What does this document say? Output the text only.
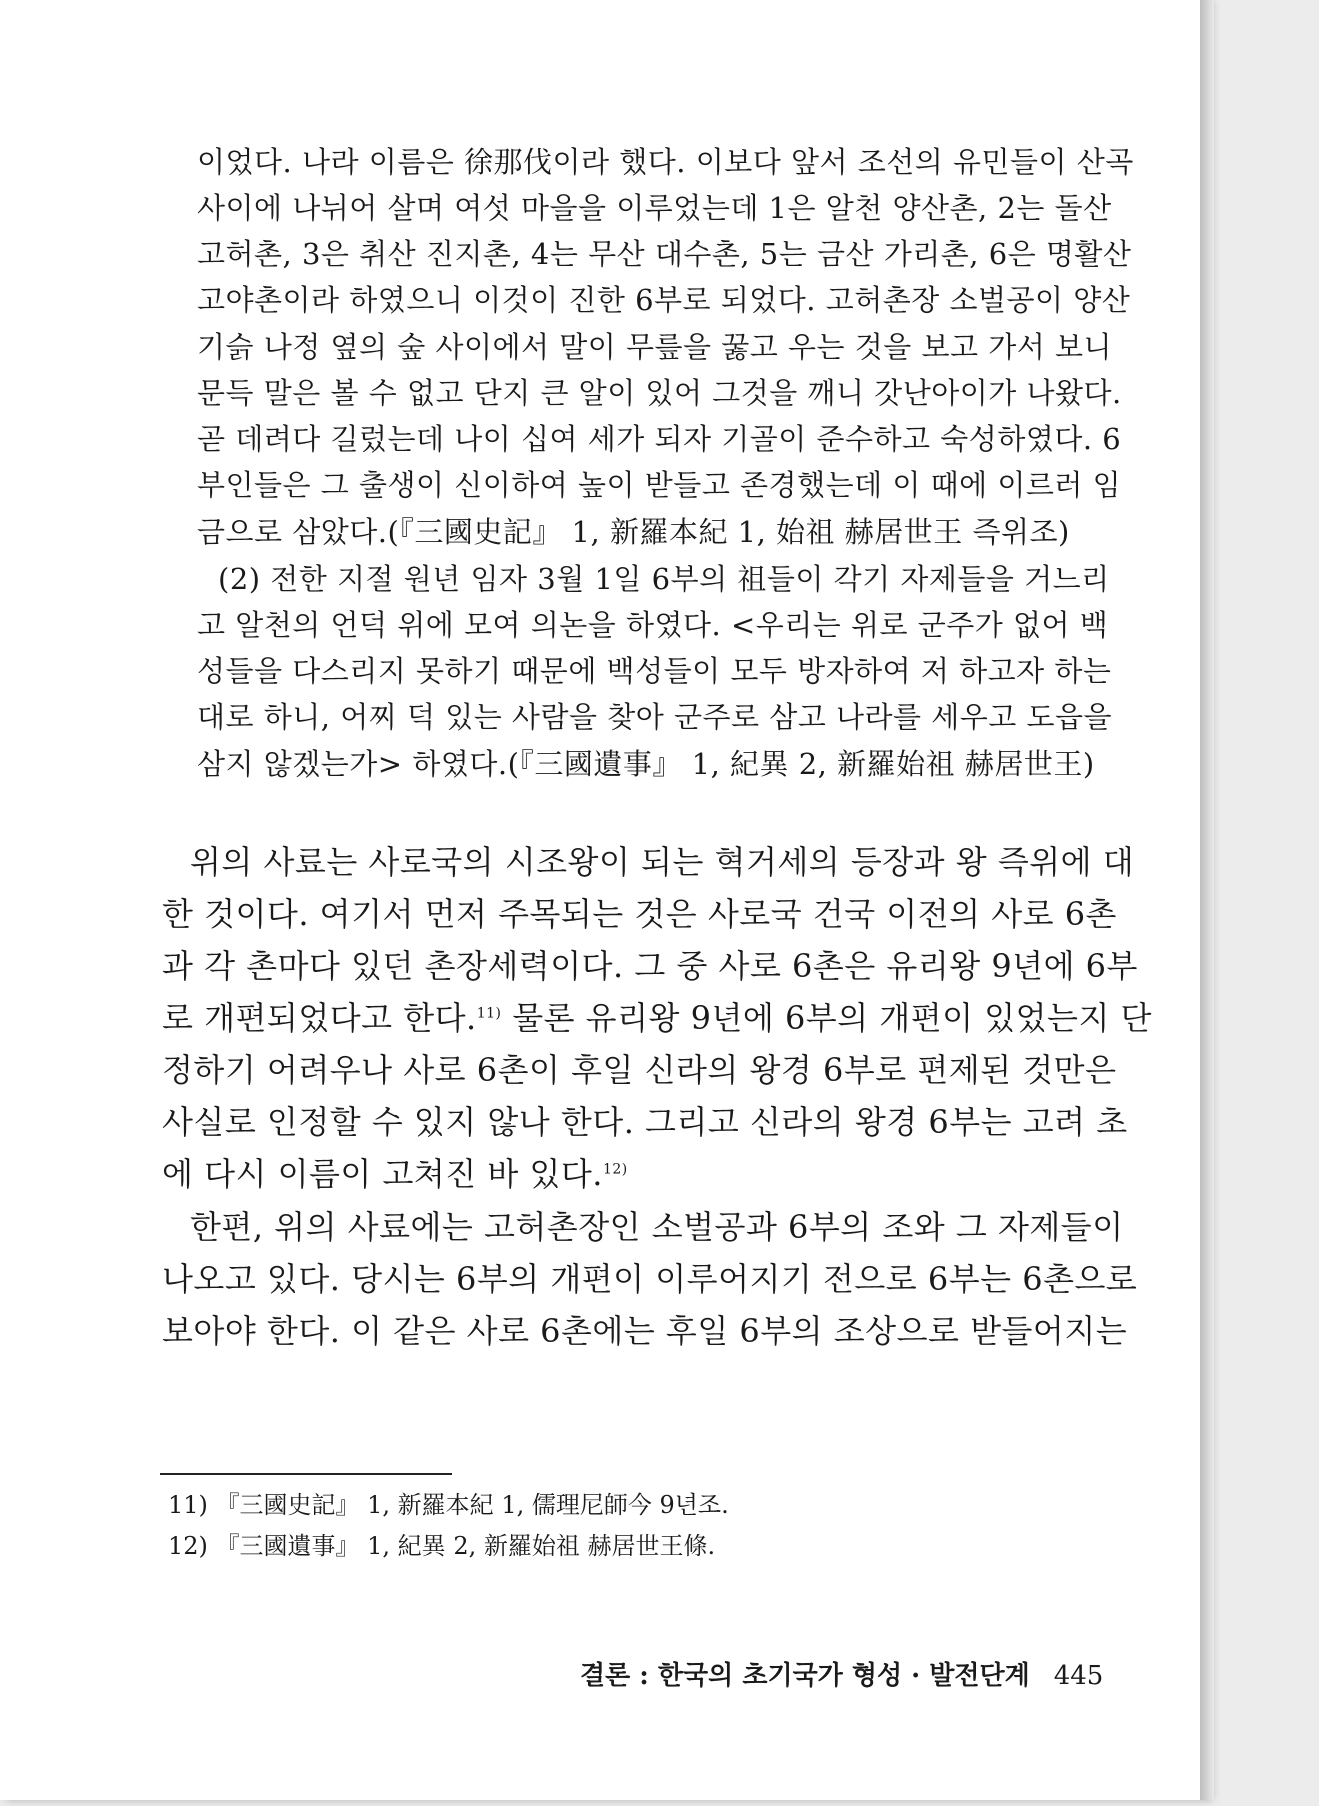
이었다. 나라 이름은 徐那伐이라 했다. 이보다 앞서 조선의 유민들이 산곡
사이에 나뉘어 살며 여섯 마을을 이루었는데 1은 알천 양산촌, 2는 돌산
고허촌, 3은 취산 진지촌, 4는 무산 대수촌, 5는 금산 가리촌, 6은 명활산
고야촌이라 하였으니 이것이 진한 6부로 되었다. 고허촌장 소벌공이 양산
기슭 나정 옆의 숲 사이에서 말이 무릎을 꿇고 우는 것을 보고 가서 보니
문득 말은 볼 수 없고 단지 큰 알이 있어 그것을 깨니 갓난아이가 나왔다.
곧 데려다 길렀는데 나이 십여 세가 되자 기골이 준수하고 숙성하였다. 6
부인들은 그 출생이 신이하여 높이 받들고 존경했는데 이 때에 이르러 임
금으로 삼았다.(『三國史記』 1, 新羅本紀 1, 始祖 赫居世王 즉위조)
(2) 전한 지절 원년 임자 3월 1일 6부의 祖들이 각기 자제들을 거느리
고 알천의 언덕 위에 모여 의논을 하였다. <우리는 위로 군주가 없어 백
성들을 다스리지 못하기 때문에 백성들이 모두 방자하여 저 하고자 하는
대로 하니, 어찌 덕 있는 사람을 찾아 군주로 삼고 나라를 세우고 도읍을
삼지 않겠는가> 하였다.(『三國遺事』 1, 紀異 2, 新羅始祖 赫居世王)
위의 사료는 사로국의 시조왕이 되는 혁거세의 등장과 왕 즉위에 대
한 것이다. 여기서 먼저 주목되는 것은 사로국 건국 이전의 사로 6촌
과 각 촌마다 있던 촌장세력이다. 그 중 사로 6촌은 유리왕 9년에 6부
로 개편되었다고 한다.$^{11)}$ 물론 유리왕 9년에 6부의 개편이 있었는지 단
정하기 어려우나 사로 6촌이 후일 신라의 왕경 6부로 편제된 것만은
사실로 인정할 수 있지 않나 한다. 그리고 신라의 왕경 6부는 고려 초
에 다시 이름이 고쳐진 바 있다.$^{12)}$
한편, 위의 사료에는 고허촌장인 소벌공과 6부의 조와 그 자제들이
나오고 있다. 당시는 6부의 개편이 이루어지기 전으로 6부는 6촌으로
보아야 한다. 이 같은 사로 6촌에는 후일 6부의 조상으로 받들어지는
11) 『三國史記』 1, 新羅本紀 1, 儒理尼師今 9년조.
12) 『三國遺事』 1, 紀異 2, 新羅始祖 赫居世王條.
결론 : 한국의 초기국가 형성 · 발전단계 445
